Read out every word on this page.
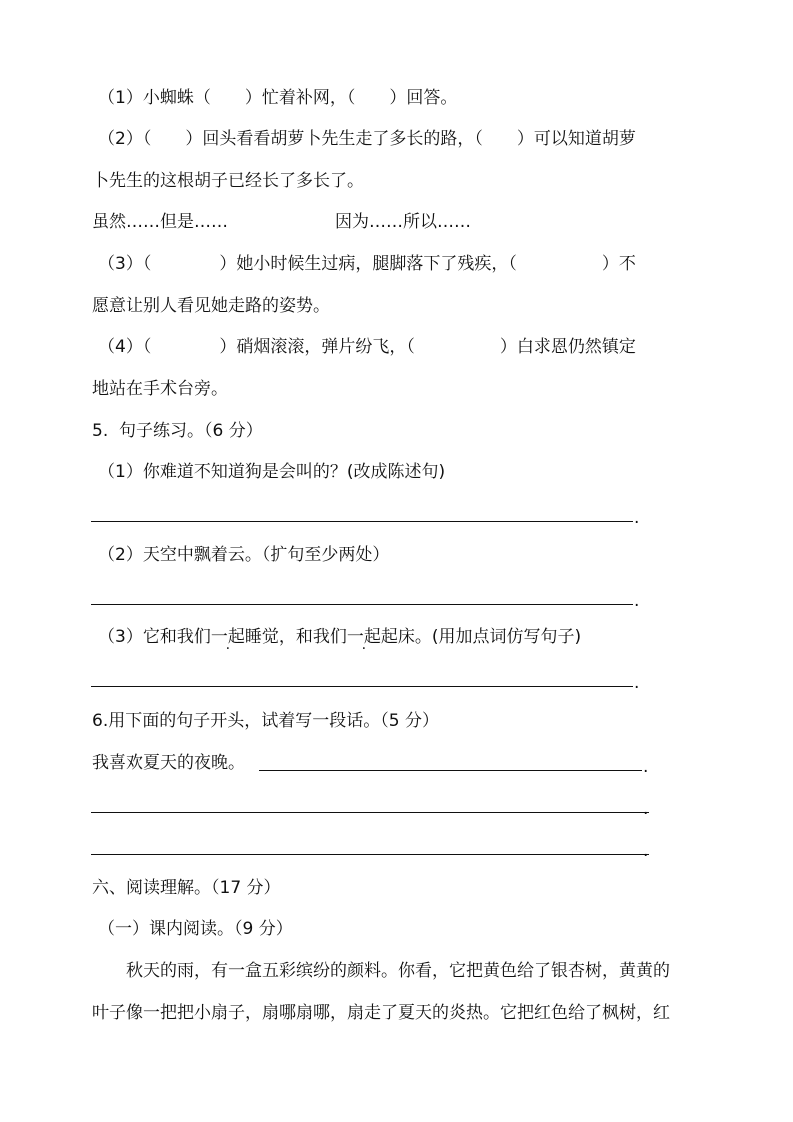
（1）小蜘蛛（　　）忙着补网，（　　）回答。
（2）（　　）回头看看胡萝卜先生走了多长的路，（　　）可以知道胡萝
卜先生的这根胡子已经长了多长了。
虽然……但是……	因为……所以……
（3）（　　　　）她小时候生过病，腿脚落下了残疾，（　　　　　）不
愿意让别人看见她走路的姿势。
（4）（　　　　）硝烟滚滚，弹片纷飞，（　　　　　）白求恩仍然镇定
地站在手术台旁。
5.  句子练习。（6 分）
（1）你难道不知道狗是会叫的？(改成陈述句)
.
（2）天空中飘着云。（扩句至少两处）
.
（3）它和我们一起睡觉，和我们一起起床。(用加点词仿写句子)
.
6.用下面的句子开头，试着写一段话。（5 分）
我喜欢夏天的夜晚。	.
.
.
六、阅读理解。（17 分）
（一）课内阅读。（9 分）
　　秋天的雨，有一盒五彩缤纷的颜料。你看，它把黄色给了银杏树，黄黄的
叶子像一把把小扇子，扇哪扇哪，扇走了夏天的炎热。它把红色给了枫树，红
